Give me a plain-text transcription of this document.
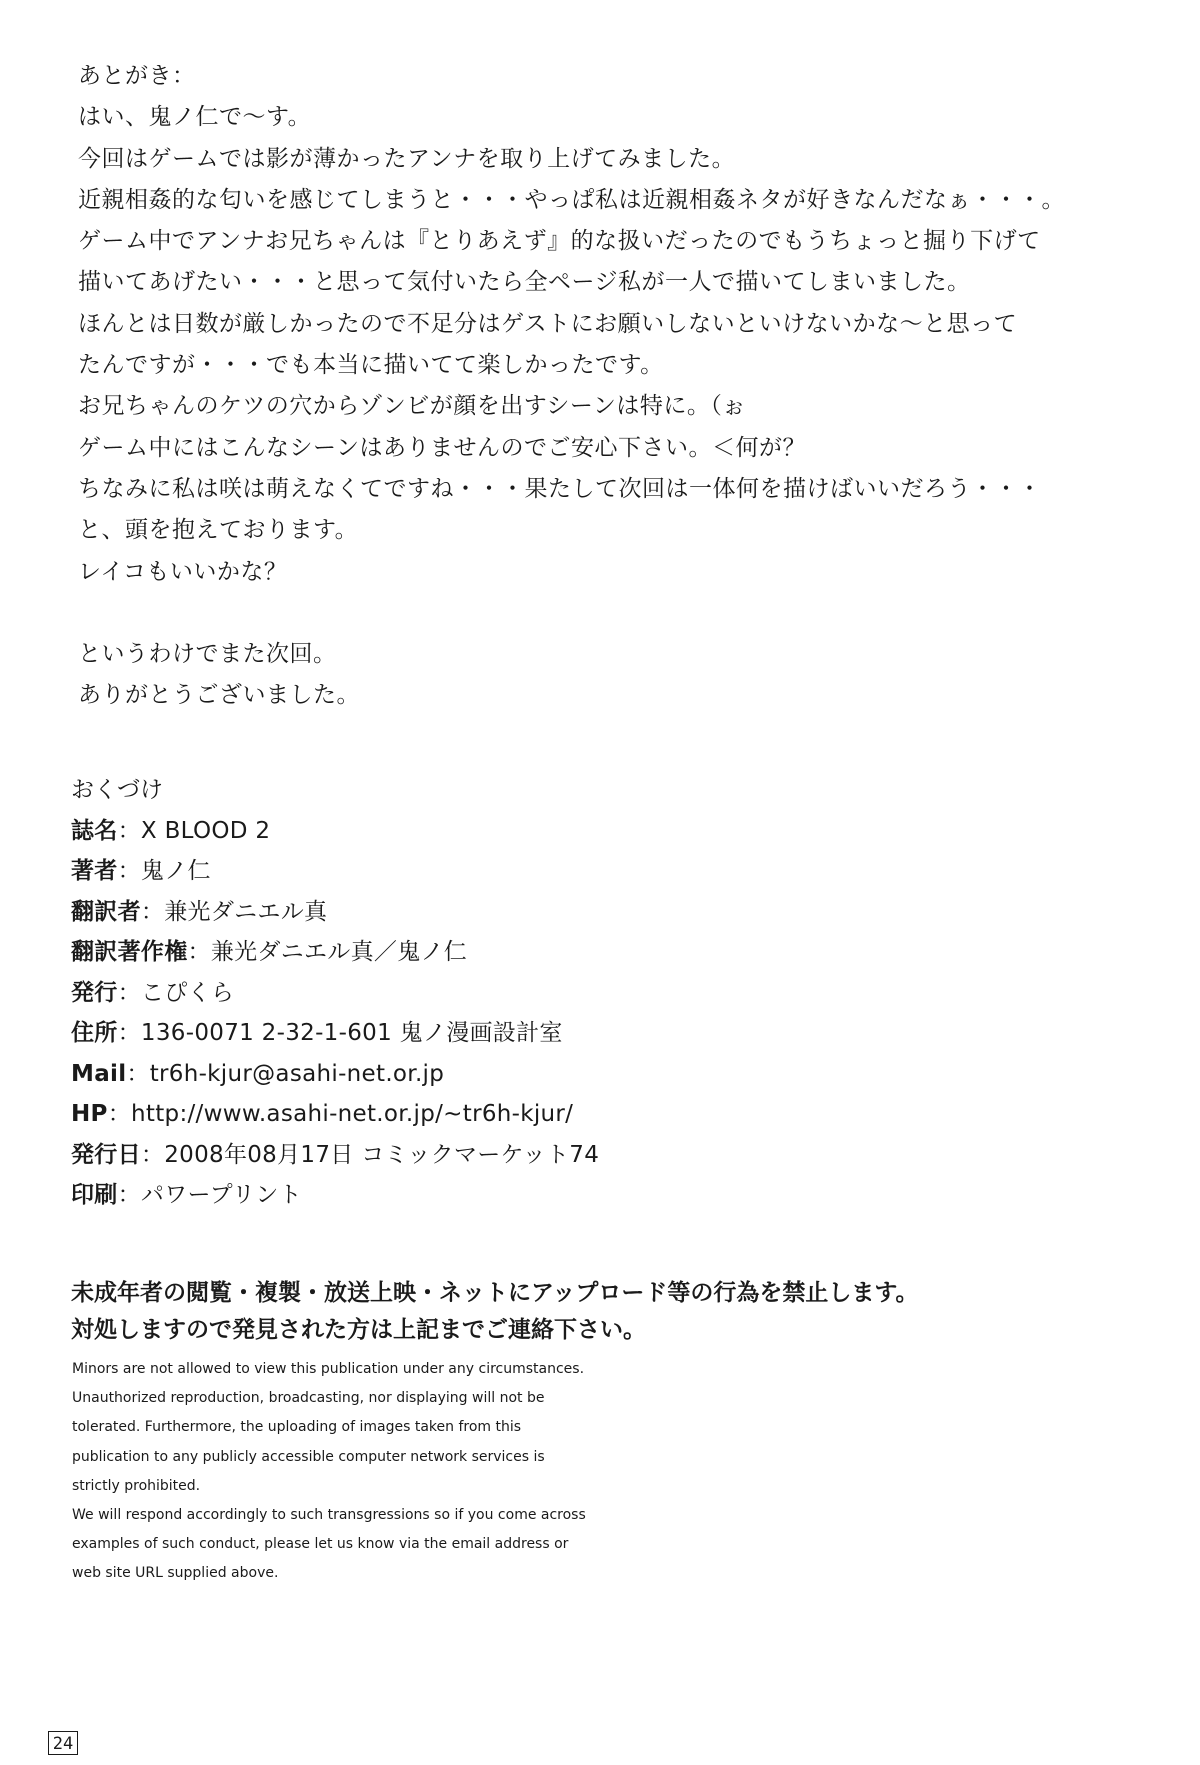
あとがき：
はい、鬼ノ仁で～す。
今回はゲームでは影が薄かったアンナを取り上げてみました。
近親相姦的な匂いを感じてしまうと・・・やっぱ私は近親相姦ネタが好きなんだなぁ・・・。
ゲーム中でアンナお兄ちゃんは『とりあえず』的な扱いだったのでもうちょっと掘り下げて
描いてあげたい・・・と思って気付いたら全ページ私が一人で描いてしまいました。
ほんとは日数が厳しかったので不足分はゲストにお願いしないといけないかな～と思って
たんですが・・・でも本当に描いてて楽しかったです。
お兄ちゃんのケツの穴からゾンビが顔を出すシーンは特に。（ぉ
ゲーム中にはこんなシーンはありませんのでご安心下さい。＜何が？
ちなみに私は咲は萌えなくてですね・・・果たして次回は一体何を描けばいいだろう・・・
と、頭を抱えております。
レイコもいいかな？
というわけでまた次回。
ありがとうございました。
おくづけ
誌名：X BLOOD 2
著者：鬼ノ仁
翻訳者：兼光ダニエル真
翻訳著作権：兼光ダニエル真／鬼ノ仁
発行：こぴくら
住所：136-0071 2-32-1-601 鬼ノ漫画設計室
Mail：tr6h-kjur@asahi-net.or.jp
HP：http://www.asahi-net.or.jp/~tr6h-kjur/
発行日：2008年08月17日 コミックマーケット74
印刷：パワープリント
未成年者の閲覧・複製・放送上映・ネットにアップロード等の行為を禁止します。
対処しますので発見された方は上記までご連絡下さい。
Minors are not allowed to view this publication under any circumstances.
Unauthorized reproduction, broadcasting, nor displaying will not be
tolerated. Furthermore, the uploading of images taken from this
publication to any publicly accessible computer network services is
strictly prohibited.
We will respond accordingly to such transgressions so if you come across
examples of such conduct, please let us know via the email address or
web site URL supplied above.
24
